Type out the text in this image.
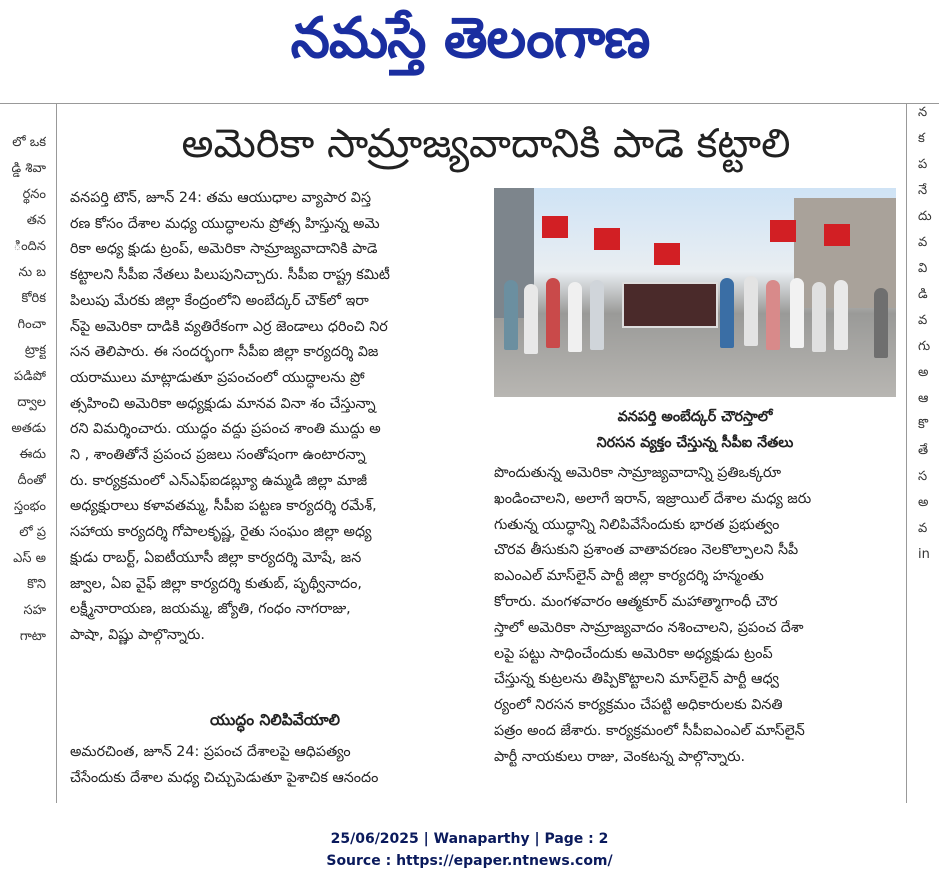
నమస్తే తెలంగాణ
లో ఒక
డ్డి శివా
ర్థనం
తన
ిందిన
ను బ
కోరిక
గించా
ట్రాక్ట
పడిపో
ద్వాల
అతడు
ఈదు
దీంతో
స్తంభం
లో ప్ర
ఎస్ అ
కొని
సహ
గాటా
న
క
ప
నే
దు
వ
వి
డి
వ
గు
అ
ఆ
కొ
తే
స
అ
వ
in
అమెరికా సామ్రాజ్యవాదానికి పాడె కట్టాలి

వనపర్తి టౌన్, జూన్ 24: తమ ఆయుధాల వ్యాపార విస్త

రణ కోసం దేశాల మధ్య యుద్ధాలను ప్రోత్స హిస్తున్న అమె

రికా అధ్య క్షుడు ట్రంప్, అమెరికా సామ్రాజ్యవాదానికి పాడె

కట్టాలని సీపీఐ నేతలు పిలుపునిచ్చారు. సీపీఐ రాష్ట్ర కమిటీ

పిలుపు మేరకు జిల్లా కేంద్రంలోని అంబేద్కర్ చౌక్‌లో ఇరా

న్‌పై అమెరికా దాడికి వ్యతిరేకంగా ఎర్ర జెండాలు ధరించి నిర

సన తెలిపారు. ఈ సందర్భంగా సీపీఐ జిల్లా కార్యదర్శి విజ

యరాములు మాట్లాడుతూ ప్రపంచంలో యుద్ధాలను ప్రో

త్సహించి అమెరికా అధ్యక్షుడు మానవ వినా శం చేస్తున్నా

రని విమర్శించారు. యుద్ధం వద్దు ప్రపంచ శాంతి ముద్దు అ

ని , శాంతితోనే ప్రపంచ ప్రజలు సంతోషంగా ఉంటారన్నా

రు. కార్యక్రమంలో ఎన్ఎఫ్ఐడబ్ల్యూ ఉమ్మడి జిల్లా మాజీ

అధ్యక్షురాలు కళావతమ్మ, సీపీఐ పట్టణ కార్యదర్శి రమేశ్,

సహాయ కార్యదర్శి గోపాలకృష్ణ, రైతు సంఘం జిల్లా అధ్య

క్షుడు రాబర్ట్, ఏఐటీయూసీ జిల్లా కార్యదర్శి మోషే, జన

జ్వాల, ఏఐ వైఫ్ జిల్లా కార్యదర్శి కుతుబ్, పృథ్వీనాదం,

లక్ష్మీనారాయణ, జయమ్మ, జ్యోతి, గంధం నాగరాజు,

పాషా, విష్ణు పాల్గొన్నారు.

వనపర్తి అంబేద్కర్ చౌరస్తాలో
నిరసన వ్యక్తం చేస్తున్న సీపీఐ నేతలు

పొందుతున్న అమెరికా సామ్రాజ్యవాదాన్ని ప్రతిఒక్కరూ

ఖండించాలని, అలాగే ఇరాన్, ఇజ్రాయిల్ దేశాల మధ్య జరు

గుతున్న యుద్ధాన్ని నిలిపివేసేందుకు భారత ప్రభుత్వం

చొరవ తీసుకుని ప్రశాంత వాతావరణం నెలకొల్పాలని సీపీ

ఐఎంఎల్ మాస్‌లైన్ పార్టీ జిల్లా కార్యదర్శి హన్మంతు

కోరారు. మంగళవారం ఆత్మకూర్ మహాత్మాగాంధీ చౌర

స్తాలో అమెరికా సామ్రాజ్యవాదం నశించాలని, ప్రపంచ దేశా

లపై పట్టు సాధించేందుకు అమెరికా అధ్యక్షుడు ట్రంప్

చేస్తున్న కుట్రలను తిప్పికొట్టాలని మాస్‌లైన్ పార్టీ ఆధ్వ

ర్యంలో నిరసన కార్యక్రమం చేపట్టి అధికారులకు వినతి

పత్రం అంద జేశారు. కార్యక్రమంలో సీపీఐఎంఎల్ మాస్‌లైన్

పార్టీ నాయకులు రాజు, వెంకటన్న పాల్గొన్నారు.

యుద్ధం నిలిపివేయాలి

అమరచింత, జూన్ 24: ప్రపంచ దేశాలపై ఆధిపత్యం

చేసేందుకు దేశాల మధ్య చిచ్చుపెడుతూ పైశాచిక ఆనందం

25/06/2025 | Wanaparthy | Page : 2
Source : https://epaper.ntnews.com/
